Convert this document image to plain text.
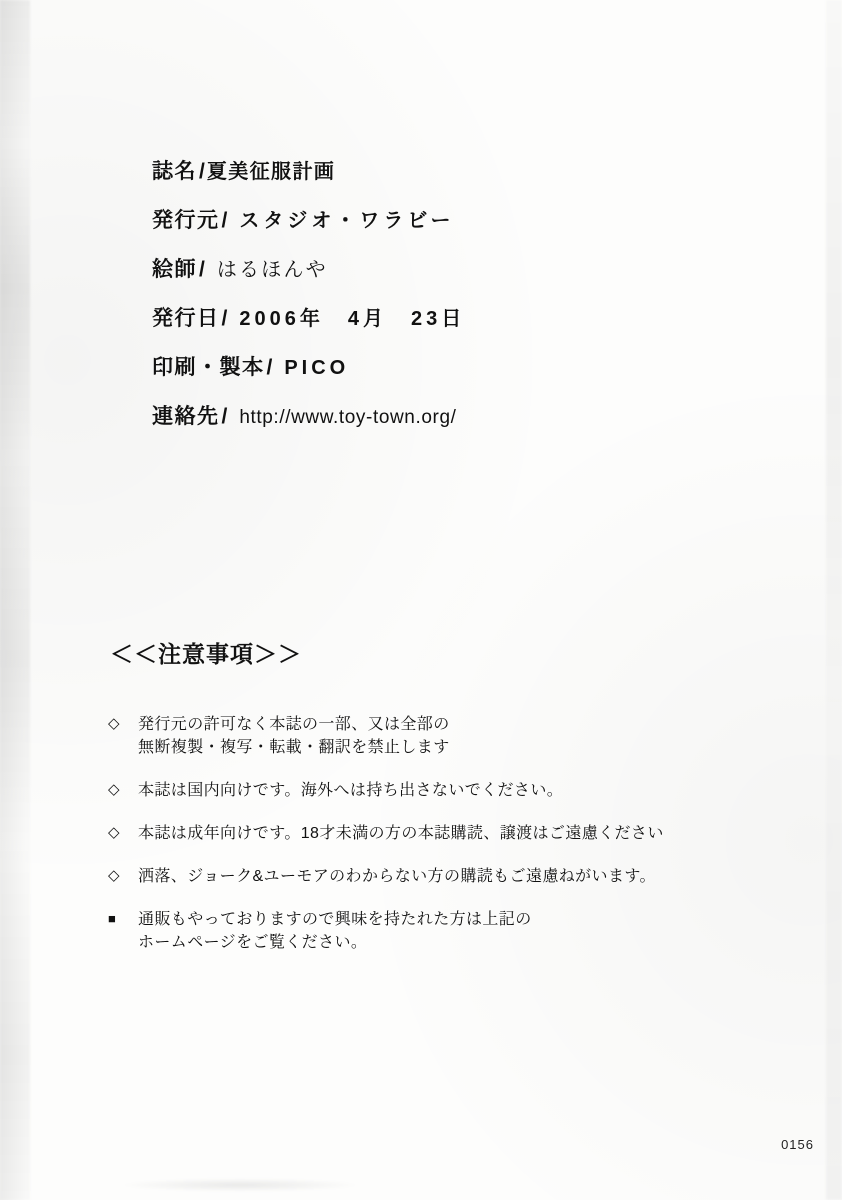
誌名 / 夏美征服計画
発行元 / スタジオ・ワラビー
絵師 / はるほんや
発行日 / 2006年　4月　23日
印刷・製本 / PICO
連絡先 / http://www.toy-town.org/
＜＜注意事項＞＞
◇	発行元の許可なく本誌の一部、又は全部の
無断複製・複写・転載・翻訳を禁止します
◇	本誌は国内向けです。海外へは持ち出さないでください。
◇	本誌は成年向けです。18才未満の方の本誌購読、譲渡はご遠慮ください
◇	洒落、ジョーク&ユーモアのわからない方の購読もご遠慮ねがいます。
■	通販もやっておりますので興味を持たれた方は上記の
ホームページをご覧ください。
0156
